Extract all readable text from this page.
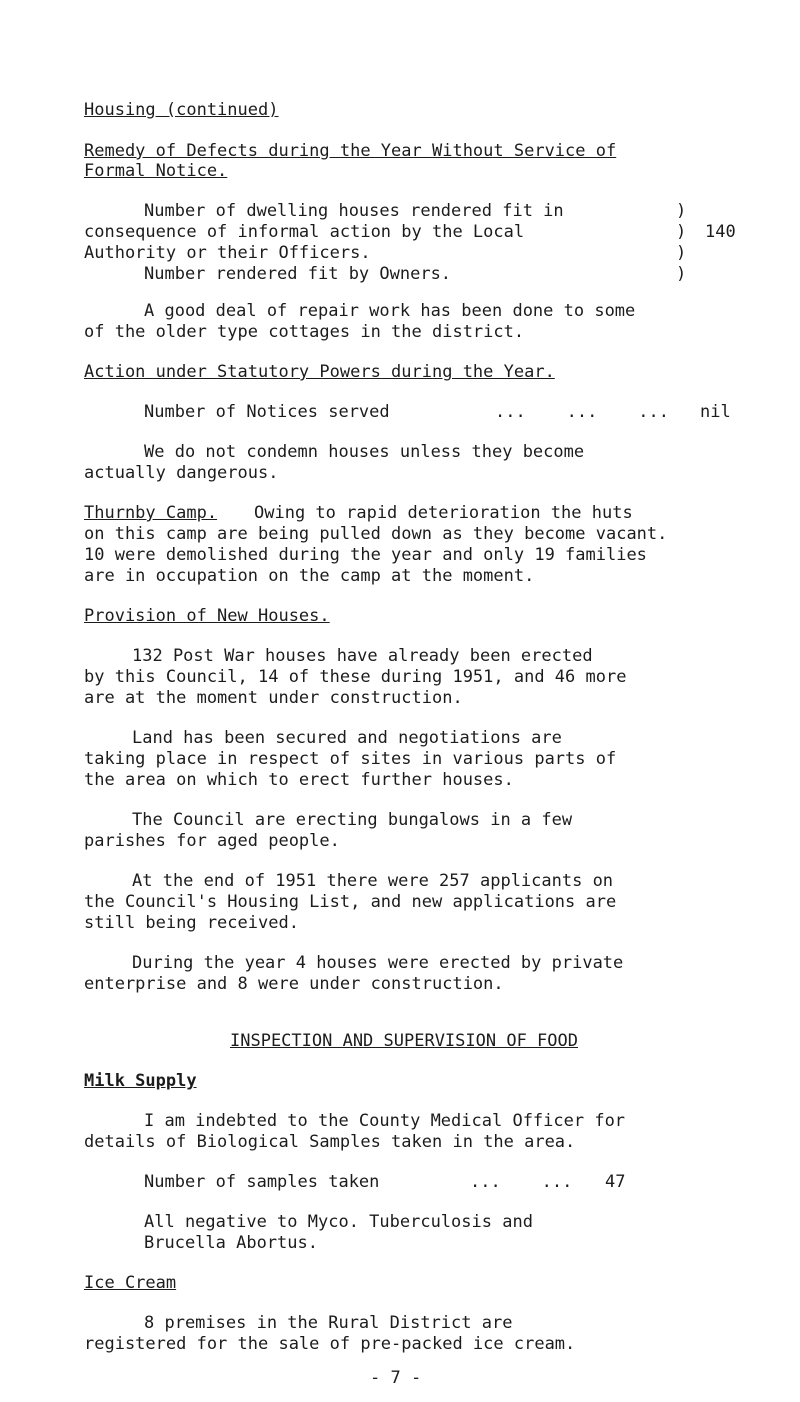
Housing (continued)
Remedy of Defects during the Year Without Service of
Formal Notice.
Number of dwelling houses rendered fit in
consequence of informal action by the Local
Authority or their Officers.
Number rendered fit by Owners.
)
)
)
)
140
A good deal of repair work has been done to some
of the older type cottages in the district.
Action under Statutory Powers during the Year.
Number of Notices served	...    ...    ... nil
We do not condemn houses unless they become
actually dangerous.
Thurnby Camp. Owing to rapid deterioration the huts
on this camp are being pulled down as they become vacant.
10 were demolished during the year and only 19 families
are in occupation on the camp at the moment.
Provision of New Houses.
132 Post War houses have already been erected
by this Council, 14 of these during 1951, and 46 more
are at the moment under construction.
Land has been secured and negotiations are
taking place in respect of sites in various parts of
the area on which to erect further houses.
The Council are erecting bungalows in a few
parishes for aged people.
At the end of 1951 there were 257 applicants on
the Council's Housing List, and new applications are
still being received.
During the year 4 houses were erected by private
enterprise and 8 were under construction.
INSPECTION AND SUPERVISION OF FOOD
Milk Supply
I am indebted to the County Medical Officer for
details of Biological Samples taken in the area.
Number of samples taken	...    ... 47
All negative to Myco. Tuberculosis and
Brucella Abortus.
Ice Cream
8 premises in the Rural District are
registered for the sale of pre-packed ice cream.
- 7 -
